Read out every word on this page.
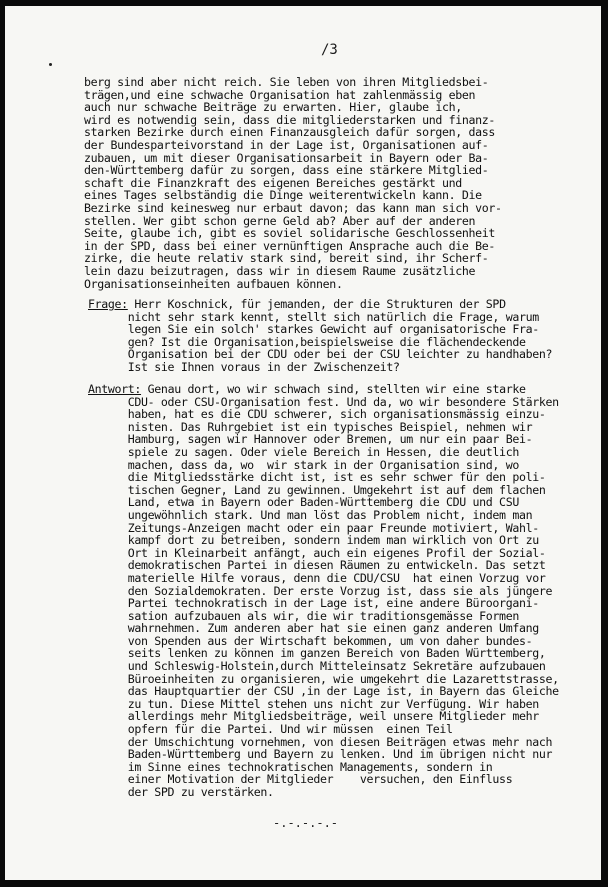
/3
berg sind aber nicht reich. Sie leben von ihren Mitgliedsbei-
trägen,und eine schwache Organisation hat zahlenmässig eben
auch nur schwache Beiträge zu erwarten. Hier, glaube ich,
wird es notwendig sein, dass die mitgliederstarken und finanz-
starken Bezirke durch einen Finanzausgleich dafür sorgen, dass
der Bundesparteivorstand in der Lage ist, Organisationen auf-
zubauen, um mit dieser Organisationsarbeit in Bayern oder Ba-
den-Württemberg dafür zu sorgen, dass eine stärkere Mitglied-
schaft die Finanzkraft des eigenen Bereiches gestärkt und
eines Tages selbständig die Dinge weiterentwickeln kann. Die
Bezirke sind keinesweg nur erbaut davon; das kann man sich vor-
stellen. Wer gibt schon gerne Geld ab? Aber auf der anderen
Seite, glaube ich, gibt es soviel solidarische Geschlossenheit
in der SPD, dass bei einer vernünftigen Ansprache auch die Be-
zirke, die heute relativ stark sind, bereit sind, ihr Scherf-
lein dazu beizutragen, dass wir in diesem Raume zusätzliche
Organisationseinheiten aufbauen können.
Frage: Herr Koschnick, für jemanden, der die Strukturen der SPD
nicht sehr stark kennt, stellt sich natürlich die Frage, warum
legen Sie ein solch' starkes Gewicht auf organisatorische Fra-
gen? Ist die Organisation,beispielsweise die flächendeckende
Organisation bei der CDU oder bei der CSU leichter zu handhaben?
Ist sie Ihnen voraus in der Zwischenzeit?
Antwort: Genau dort, wo wir schwach sind, stellten wir eine starke
CDU- oder CSU-Organisation fest. Und da, wo wir besondere Stärken
haben, hat es die CDU schwerer, sich organisationsmässig einzu-
nisten. Das Ruhrgebiet ist ein typisches Beispiel, nehmen wir
Hamburg, sagen wir Hannover oder Bremen, um nur ein paar Bei-
spiele zu sagen. Oder viele Bereich in Hessen, die deutlich
machen, dass da, wo  wir stark in der Organisation sind, wo
die Mitgliedsstärke dicht ist, ist es sehr schwer für den poli-
tischen Gegner, Land zu gewinnen. Umgekehrt ist auf dem flachen
Land, etwa in Bayern oder Baden-Württemberg die CDU und CSU
ungewöhnlich stark. Und man löst das Problem nicht, indem man
Zeitungs-Anzeigen macht oder ein paar Freunde motiviert, Wahl-
kampf dort zu betreiben, sondern indem man wirklich von Ort zu
Ort in Kleinarbeit anfängt, auch ein eigenes Profil der Sozial-
demokratischen Partei in diesen Räumen zu entwickeln. Das setzt
materielle Hilfe voraus, denn die CDU/CSU  hat einen Vorzug vor
den Sozialdemokraten. Der erste Vorzug ist, dass sie als jüngere
Partei technokratisch in der Lage ist, eine andere Büroorgani-
sation aufzubauen als wir, die wir traditionsgemässe Formen
wahrnehmen. Zum anderen aber hat sie einen ganz anderen Umfang
von Spenden aus der Wirtschaft bekommen, um von daher bundes-
seits lenken zu können im ganzen Bereich von Baden Württemberg,
und Schleswig-Holstein,durch Mitteleinsatz Sekretäre aufzubauen
Büroeinheiten zu organisieren, wie umgekehrt die Lazarettstrasse,
das Hauptquartier der CSU ,in der Lage ist, in Bayern das Gleiche
zu tun. Diese Mittel stehen uns nicht zur Verfügung. Wir haben
allerdings mehr Mitgliedsbeiträge, weil unsere Mitglieder mehr
opfern für die Partei. Und wir müssen  einen Teil
der Umschichtung vornehmen, von diesen Beiträgen etwas mehr nach
Baden-Württemberg und Bayern zu lenken. Und im übrigen nicht nur
im Sinne eines technokratischen Managements, sondern in
einer Motivation der Mitglieder    versuchen, den Einfluss
der SPD zu verstärken.
-.-.-.-.-
